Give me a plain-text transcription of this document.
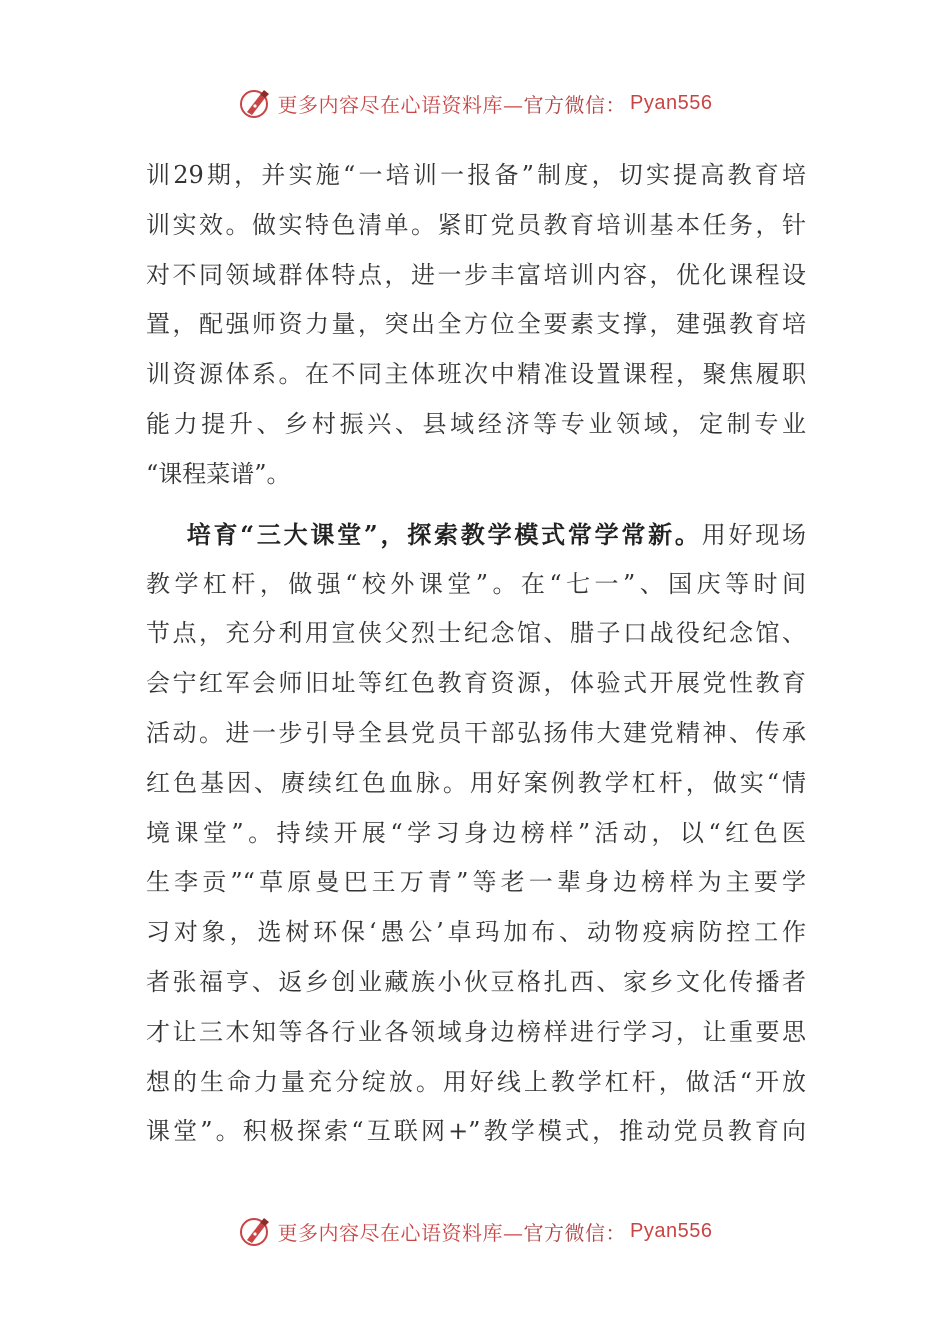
更多内容尽在心语资料库— 官方微信： Pyan556
训29期，并实施“一培训一报备”制度，切实提高教育培
训实效。做实特色清单。紧盯党员教育培训基本任务，针
对不同领域群体特点，进一步丰富培训内容，优化课程设
置，配强师资力量，突出全方位全要素支撑，建强教育培
训资源体系。在不同主体班次中精准设置课程，聚焦履职
能力提升、乡村振兴、县域经济等专业领域，定制专业
“课程菜谱”。
培育“三大课堂”，探索教学模式常学常新。用好现场
教学杠杆，做强“校外课堂”。在“七一”、国庆等时间
节点，充分利用宣侠父烈士纪念馆、腊子口战役纪念馆、
会宁红军会师旧址等红色教育资源，体验式开展党性教育
活动。进一步引导全县党员干部弘扬伟大建党精神、传承
红色基因、赓续红色血脉。用好案例教学杠杆，做实“情
境课堂”。持续开展“学习身边榜样”活动，以“红色医
生李贡”“草原曼巴王万青”等老一辈身边榜样为主要学
习对象，选树环保‘愚公’卓玛加布、动物疫病防控工作
者张福亨、返乡创业藏族小伙豆格扎西、家乡文化传播者
才让三木知等各行业各领域身边榜样进行学习，让重要思
想的生命力量充分绽放。用好线上教学杠杆，做活“开放
课堂”。积极探索“互联网+”教学模式，推动党员教育向
更多内容尽在心语资料库— 官方微信： Pyan556
